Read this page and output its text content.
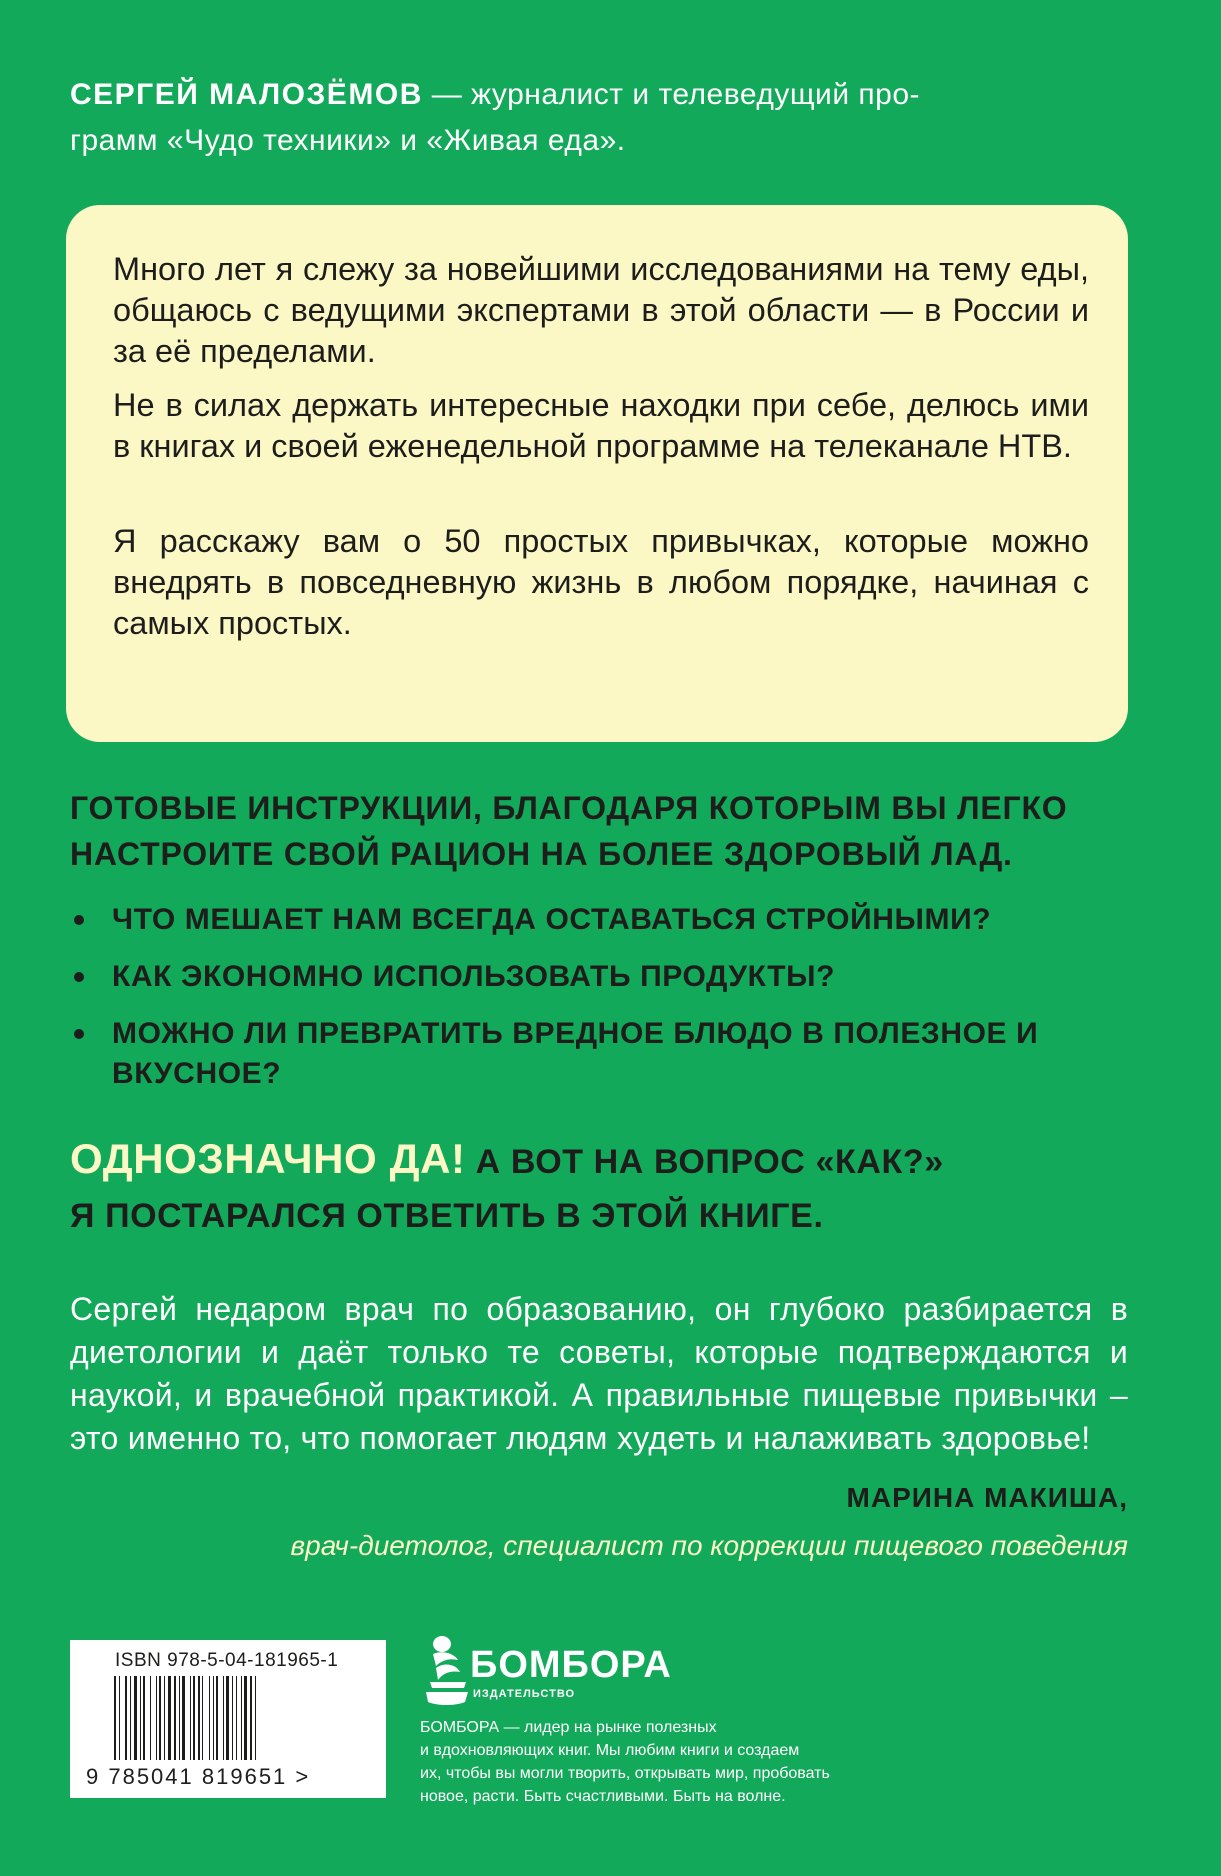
СЕРГЕЙ МАЛОЗЁМОВ — журналист и телеведущий про-
грамм «Чудо техники» и «Живая еда».

Много лет я слежу за новейшими исследованиями на тему еды, общаюсь с ведущими экспертами в этой области — в России и за её пределами.

Не в силах держать интересные находки при себе, делюсь ими в книгах и своей еженедельной программе на телеканале НТВ.

Я расскажу вам о 50 простых привычках, которые можно внедрять в повседневную жизнь в любом порядке, начиная с самых простых.

ГОТОВЫЕ ИНСТРУКЦИИ, БЛАГОДАРЯ КОТОРЫМ ВЫ ЛЕГКО
НАСТРОИТЕ СВОЙ РАЦИОН НА БОЛЕЕ ЗДОРОВЫЙ ЛАД.
ЧТО МЕШАЕТ НАМ ВСЕГДА ОСТАВАТЬСЯ СТРОЙНЫМИ?
КАК ЭКОНОМНО ИСПОЛЬЗОВАТЬ ПРОДУКТЫ?
МОЖНО ЛИ ПРЕВРАТИТЬ ВРЕДНОЕ БЛЮДО В ПОЛЕЗНОЕ И ВКУСНОЕ?
ОДНОЗНАЧНО ДА! А ВОТ НА ВОПРОС «КАК?»
Я ПОСТАРАЛСЯ ОТВЕТИТЬ В ЭТОЙ КНИГЕ.

Сергей недаром врач по образованию, он глубоко разбирается в диетологии и даёт только те советы, которые подтверждаются и наукой, и врачебной практикой. А правильные пищевые привычки – это именно то, что помогает людям худеть и налаживать здоровье!

МАРИНА МАКИША,
врач-диетолог, специалист по коррекции пищевого поведения
ISBN 978-5-04-181965-1
9 785041 819651 >
БОМБОРА
ИЗДАТЕЛЬСТВО
БОМБОРА — лидер на рынке полезных
и вдохновляющих книг. Мы любим книги и создаем
их, чтобы вы могли творить, открывать мир, пробовать
новое, расти. Быть счастливыми. Быть на волне.
